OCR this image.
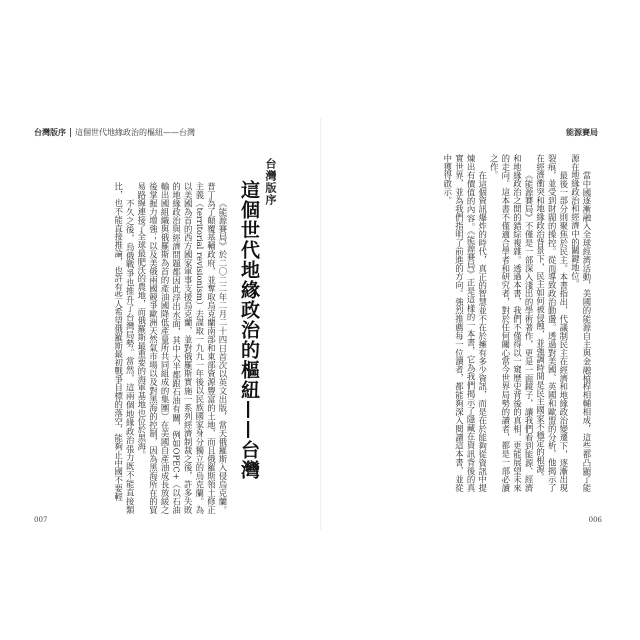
台灣版序 這個世代地緣政治的樞紐——台灣
台灣版序
這個世代地緣政治的樞紐——台灣

《能源賽局》於二〇二二年二月二十四日首次以英文出版，當天俄羅斯入侵烏克蘭。普丁為了顛覆基輔政府，並奪取烏克蘭南部和東部資源豐富的土地，而且俄羅斯領土修正主義（territorial revisionism）去謀取一九九一年後以民族國家身分獨立的烏克蘭。為以美國為首的西方國家軍事支援烏克蘭，並對俄羅斯實施一系列經濟制裁之後，許多失敗的地緣政治與經濟問題都因此浮出水面，其中大半都跟石油有關，例如OPEC+（以石油輸出國組織與俄羅斯為首的產油國降低產量所共同組成的集團）在美國自產油成長放緩之後掌握力增強；以及美俄兩國競爭歐洲天然氣市場以及對黑海的控制，因為黑海所在的貿易路線連接了全球最肥沃的農地，而俄羅斯最重要的海軍基地也位於黑海。

不久之後，烏俄戰爭也推升了台灣局勢。當然，這兩個地緣政治張力既不能直接類比，也不能直接推論，也許有些人希望俄羅斯最初戰爭目標的落空，能夠止中國不要輕

007
能源賽局

當中國逐漸融入全球經濟活動，美國的能源自主與金融槓桿相輔相成，這些都凸顯了能源在地緣政治和經濟中的關鍵地位。

最後一部分則聚焦於民主。本書指出，代議制民主在經濟和地緣政治變遷下，逐漸出現裂痕，並受到財閥的操控。從而導致政治動盪。透過對美國、英國和歐盟的分析，他揭示了在經濟衝突和地緣政治背景下，民主如何被侵蝕，並強調時間是民主國家不穩定的根源。

《能源賽局》不僅是一部深入淺出的學術著作，更是一面鏡子，讓我們看到能源、經濟和地緣政治之間的錯綜複雜。透過本書，我們不僅得以一窺歷史背後的真相，更能展望未來的走向。這本書不僅適合學者和研究者，對於任何關心當今世界局勢的讀者，都是一部必讀之作。

在這個資訊爆炸的時代，真正的智慧並不在於擁有多少資訊，而是在於能夠從資訊中提煉出有價值的內容。《能源賽局》正是這樣的一本書，它為我們揭示了隱藏在資訊背後的真實世界，並為我們指明了前進的方向。強烈推薦每一位讀者，都能夠深入閱讀這本書，並從中獲得啟示。

006
